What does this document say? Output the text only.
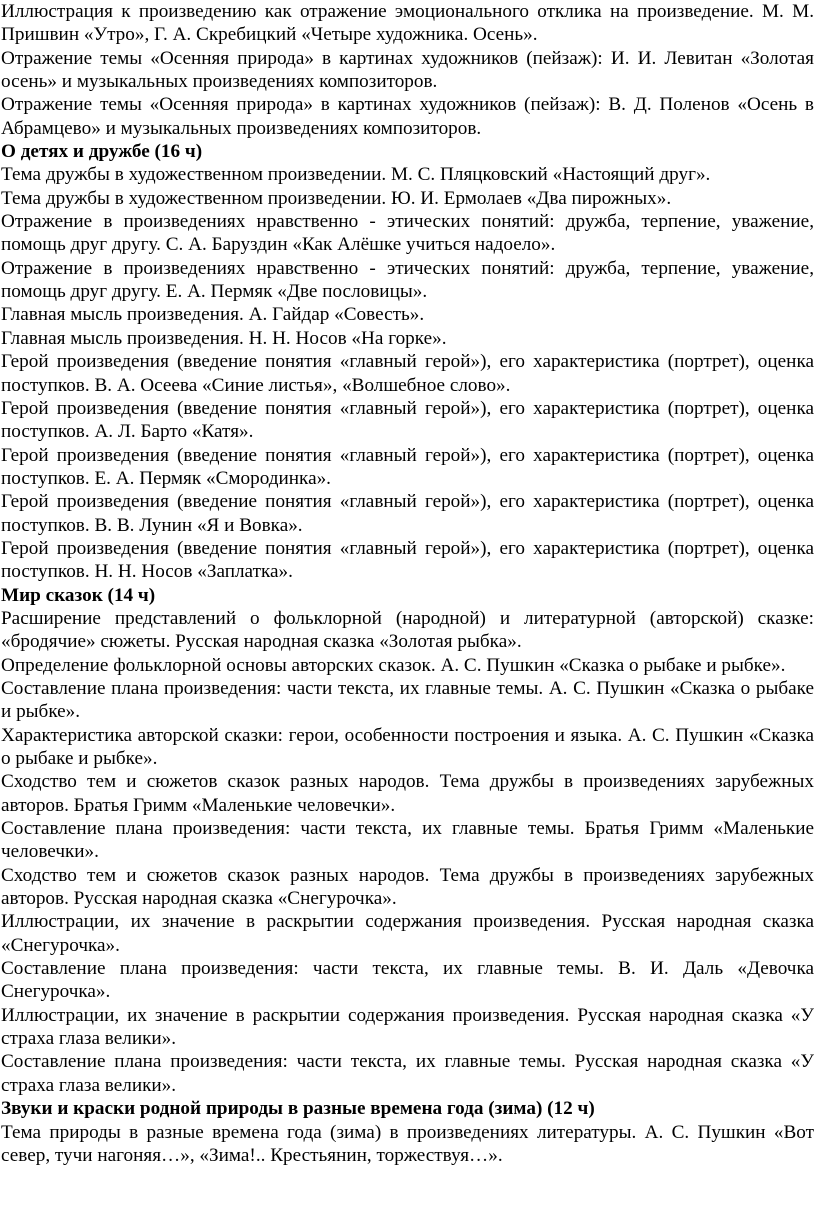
Иллюстрация к произведению как отражение эмоционального отклика на произведение. М. М. Пришвин «Утро», Г. А. Скребицкий «Четыре художника. Осень».

Отражение темы «Осенняя природа» в картинах художников (пейзаж): И. И. Левитан «Золотая осень» и музыкальных произведениях композиторов.

Отражение темы «Осенняя природа» в картинах художников (пейзаж): В. Д. Поленов «Осень в Абрамцево» и музыкальных произведениях композиторов.

О детях и дружбе (16 ч)

Тема дружбы в художественном произведении. М. С. Пляцковский «Настоящий друг».

Тема дружбы в художественном произведении. Ю. И. Ермолаев «Два пирожных».

Отражение в произведениях нравственно - этических понятий: дружба, терпение, уважение, помощь друг другу. С. А. Баруздин «Как Алёшке учиться надоело».

Отражение в произведениях нравственно - этических понятий: дружба, терпение, уважение, помощь друг другу. Е. А. Пермяк «Две пословицы».

Главная мысль произведения. А. Гайдар «Совесть».

Главная мысль произведения. Н. Н. Носов «На горке».

Герой произведения (введение понятия «главный герой»), его характеристика (портрет), оценка поступков. В. А. Осеева «Синие листья», «Волшебное слово».

Герой произведения (введение понятия «главный герой»), его характеристика (портрет), оценка поступков. А. Л. Барто «Катя».

Герой произведения (введение понятия «главный герой»), его характеристика (портрет), оценка поступков. Е. А. Пермяк «Смородинка».

Герой произведения (введение понятия «главный герой»), его характеристика (портрет), оценка поступков. В. В. Лунин «Я и Вовка».

Герой произведения (введение понятия «главный герой»), его характеристика (портрет), оценка поступков. Н. Н. Носов «Заплатка».

Мир сказок (14 ч)

Расширение представлений о фольклорной (народной) и литературной (авторской) сказке: «бродячие» сюжеты. Русская народная сказка «Золотая рыбка».

Определение фольклорной основы авторских сказок. А. С. Пушкин «Сказка о рыбаке и рыбке».

Составление плана произведения: части текста, их главные темы. А. С. Пушкин «Сказка о рыбаке и рыбке».

Характеристика авторской сказки: герои, особенности построения и языка. А. С. Пушкин «Сказка о рыбаке и рыбке».

Сходство тем и сюжетов сказок разных народов. Тема дружбы в произведениях зарубежных авторов. Братья Гримм «Маленькие человечки».

Составление плана произведения: части текста, их главные темы. Братья Гримм «Маленькие человечки».

Сходство тем и сюжетов сказок разных народов. Тема дружбы в произведениях зарубежных авторов. Русская народная сказка «Снегурочка».

Иллюстрации, их значение в раскрытии содержания произведения. Русская народная сказка «Снегурочка».

Составление плана произведения: части текста, их главные темы. В. И. Даль «Девочка Снегурочка».

Иллюстрации, их значение в раскрытии содержания произведения. Русская народная сказка «У страха глаза велики».

Составление плана произведения: части текста, их главные темы. Русская народная сказка «У страха глаза велики».

Звуки и краски родной природы в разные времена года (зима) (12 ч)

Тема природы в разные времена года (зима) в произведениях литературы. А. С. Пушкин «Вот север, тучи нагоняя…», «Зима!.. Крестьянин, торжествуя…».
